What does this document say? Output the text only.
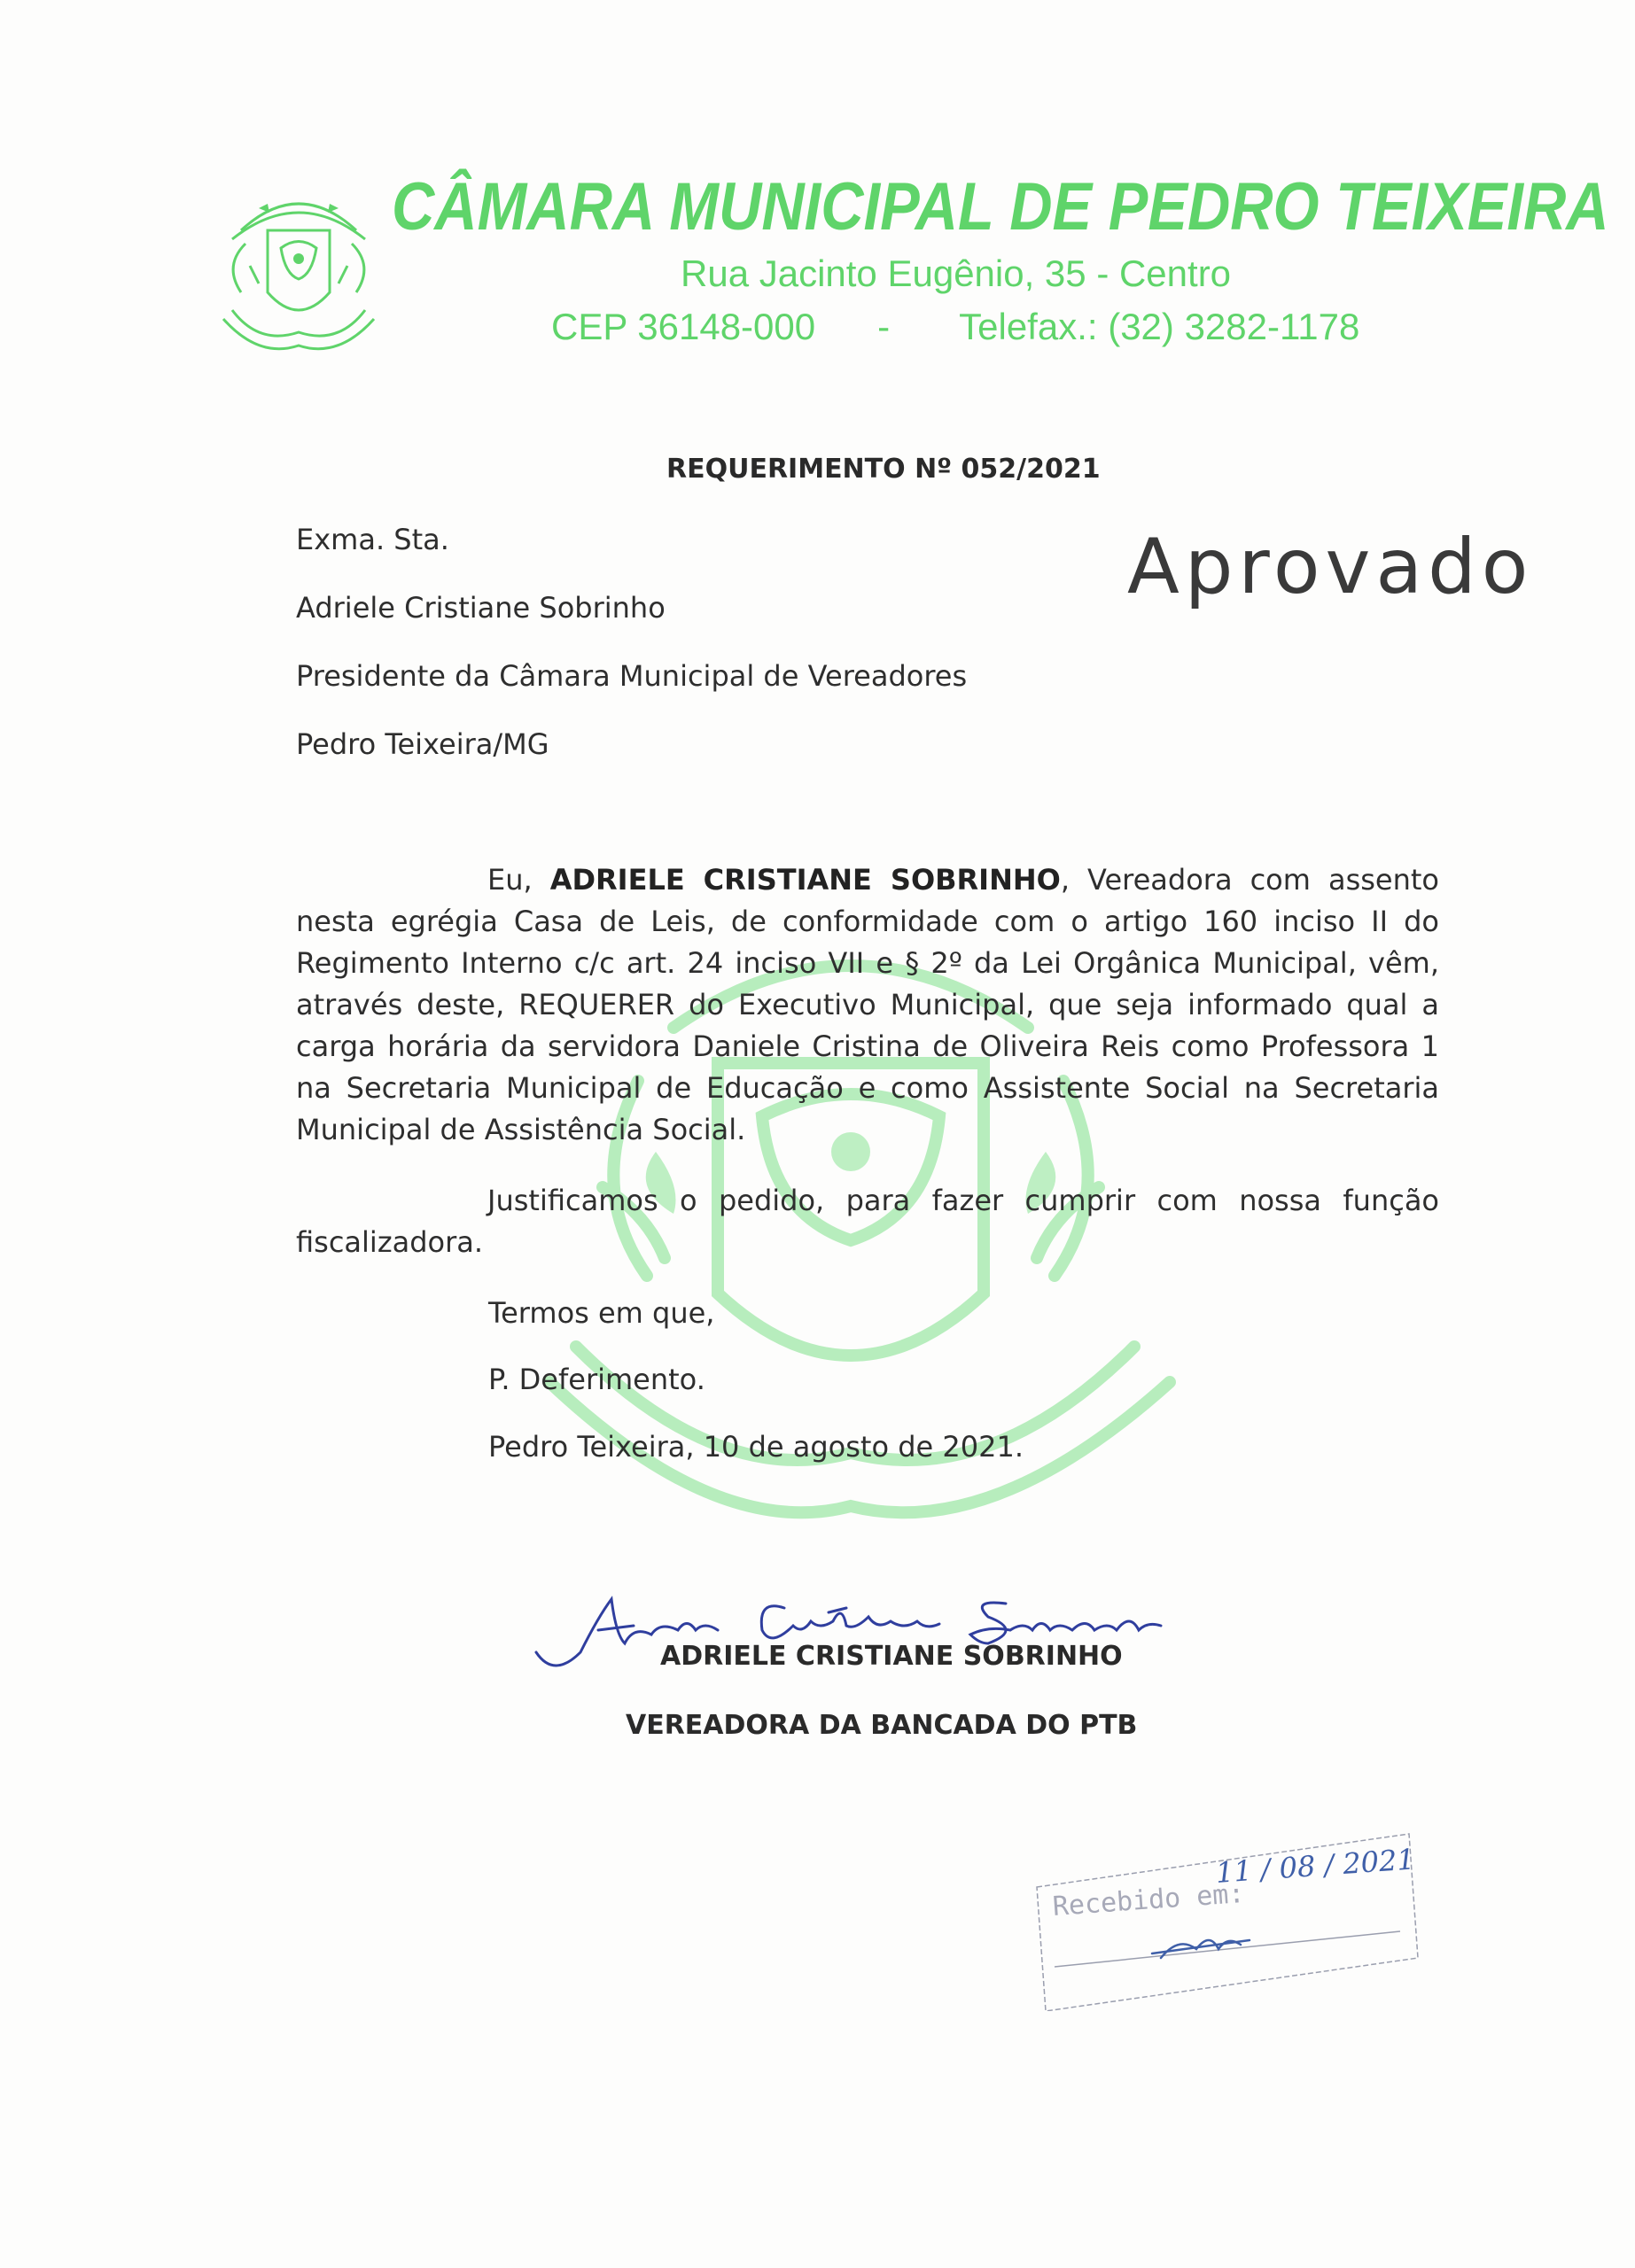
CÂMARA MUNICIPAL DE PEDRO TEIXEIRA
Rua Jacinto Eugênio, 35 - Centro
CEP 36148-000 - Telefax.: (32) 3282-1178
REQUERIMENTO Nº 052/2021
Aprovado
Exma. Sta.
Adriele Cristiane Sobrinho
Presidente da Câmara Municipal de Vereadores
Pedro Teixeira/MG
Eu, ADRIELE CRISTIANE SOBRINHO, Vereadora com assento nesta egrégia Casa de Leis, de conformidade com o artigo 160 inciso II do Regimento Interno c/c art. 24 inciso VII e § 2º da Lei Orgânica Municipal, vêm, através deste, REQUERER do Executivo Municipal, que seja informado qual a carga horária da servidora Daniele Cristina de Oliveira Reis como Professora 1 na Secretaria Municipal de Educação e como Assistente Social na Secretaria Municipal de Assistência Social.
Justificamos o pedido, para fazer cumprir com nossa função fiscalizadora.
Termos em que,
P. Deferimento.
Pedro Teixeira, 10 de agosto de 2021.
ADRIELE CRISTIANE SOBRINHO
VEREADORA DA BANCADA DO PTB
Recebido em:
11 / 08 / 2021
